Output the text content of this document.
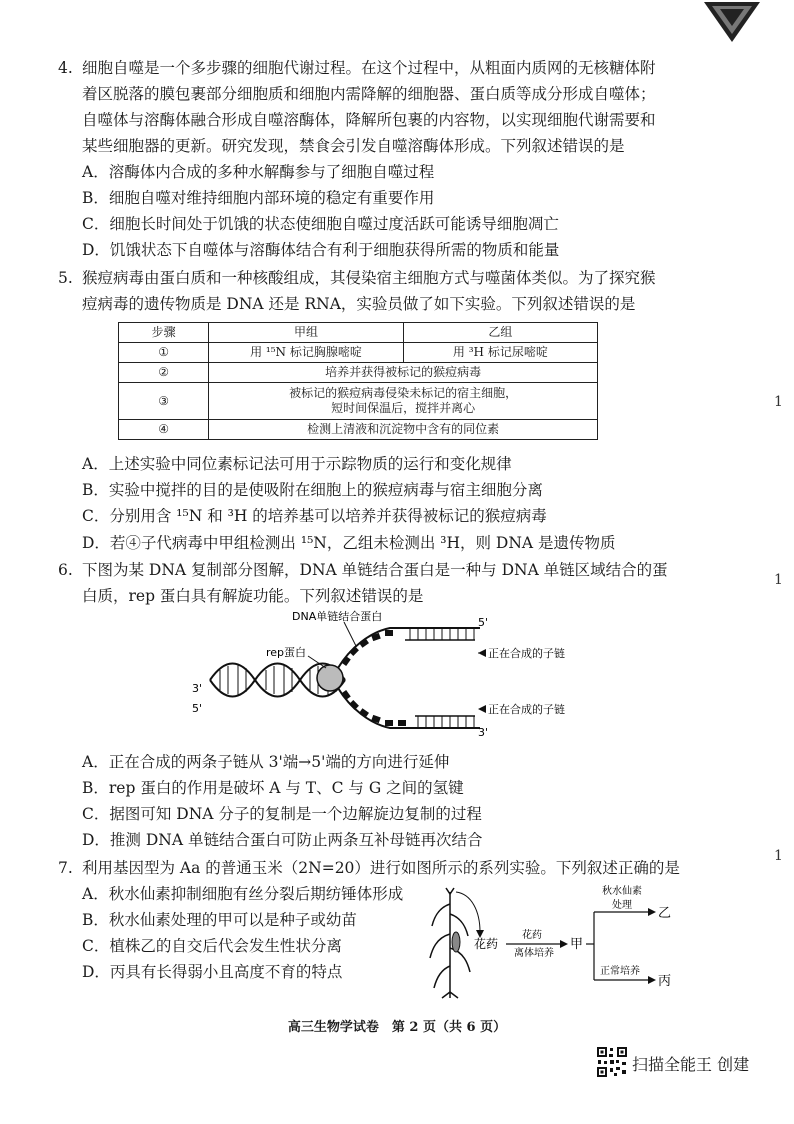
4. 细胞自噬是一个多步骤的细胞代谢过程。在这个过程中，从粗面内质网的无核糖体附
着区脱落的膜包裹部分细胞质和细胞内需降解的细胞器、蛋白质等成分形成自噬体；
自噬体与溶酶体融合形成自噬溶酶体，降解所包裹的内容物，以实现细胞代谢需要和
某些细胞器的更新。研究发现，禁食会引发自噬溶酶体形成。下列叙述错误的是
A．溶酶体内合成的多种水解酶参与了细胞自噬过程
B．细胞自噬对维持细胞内部环境的稳定有重要作用
C．细胞长时间处于饥饿的状态使细胞自噬过度活跃可能诱导细胞凋亡
D．饥饿状态下自噬体与溶酶体结合有利于细胞获得所需的物质和能量
5. 猴痘病毒由蛋白质和一种核酸组成，其侵染宿主细胞方式与噬菌体类似。为了探究猴
痘病毒的遗传物质是 DNA 还是 RNA，实验员做了如下实验。下列叙述错误的是
步骤	甲组	乙组
①	用 ¹⁵N 标记胸腺嘧啶	用 ³H 标记尿嘧啶
②	培养并获得被标记的猴痘病毒	
③	被标记的猴痘病毒侵染未标记的宿主细胞，
短时间保温后，搅拌并离心	

④	检测上清液和沉淀物中含有的同位素	
A．上述实验中同位素标记法可用于示踪物质的运行和变化规律
B．实验中搅拌的目的是使吸附在细胞上的猴痘病毒与宿主细胞分离
C．分别用含 ¹⁵N 和 ³H 的培养基可以培养并获得被标记的猴痘病毒
D．若④子代病毒中甲组检测出 ¹⁵N，乙组未检测出 ³H，则 DNA 是遗传物质
6. 下图为某 DNA 复制部分图解，DNA 单链结合蛋白是一种与 DNA 单链区域结合的蛋
白质，rep 蛋白具有解旋功能。下列叙述错误的是
DNA单链结合蛋白
rep蛋白	正在合成的子链
正在合成的子链
5'
3'
3'
5'
A．正在合成的两条子链从 3'端→5'端的方向进行延伸
B．rep 蛋白的作用是破坏 A 与 T、C 与 G 之间的氢键
C．据图可知 DNA 分子的复制是一个边解旋边复制的过程
D．推测 DNA 单链结合蛋白可防止两条互补母链再次结合
7. 利用基因型为 Aa 的普通玉米（2N=20）进行如图所示的系列实验。下列叙述正确的是
A．秋水仙素抑制细胞有丝分裂后期纺锤体形成
B．秋水仙素处理的甲可以是种子或幼苗
C．植株乙的自交后代会发生性状分离
D．丙具有长得弱小且高度不育的特点
花药
花药
离体培养
甲
秋水仙素
处理
乙
正常培养
丙
1
1
1
高三生物学试卷　第 2 页（共 6 页）
扫描全能王 创建
